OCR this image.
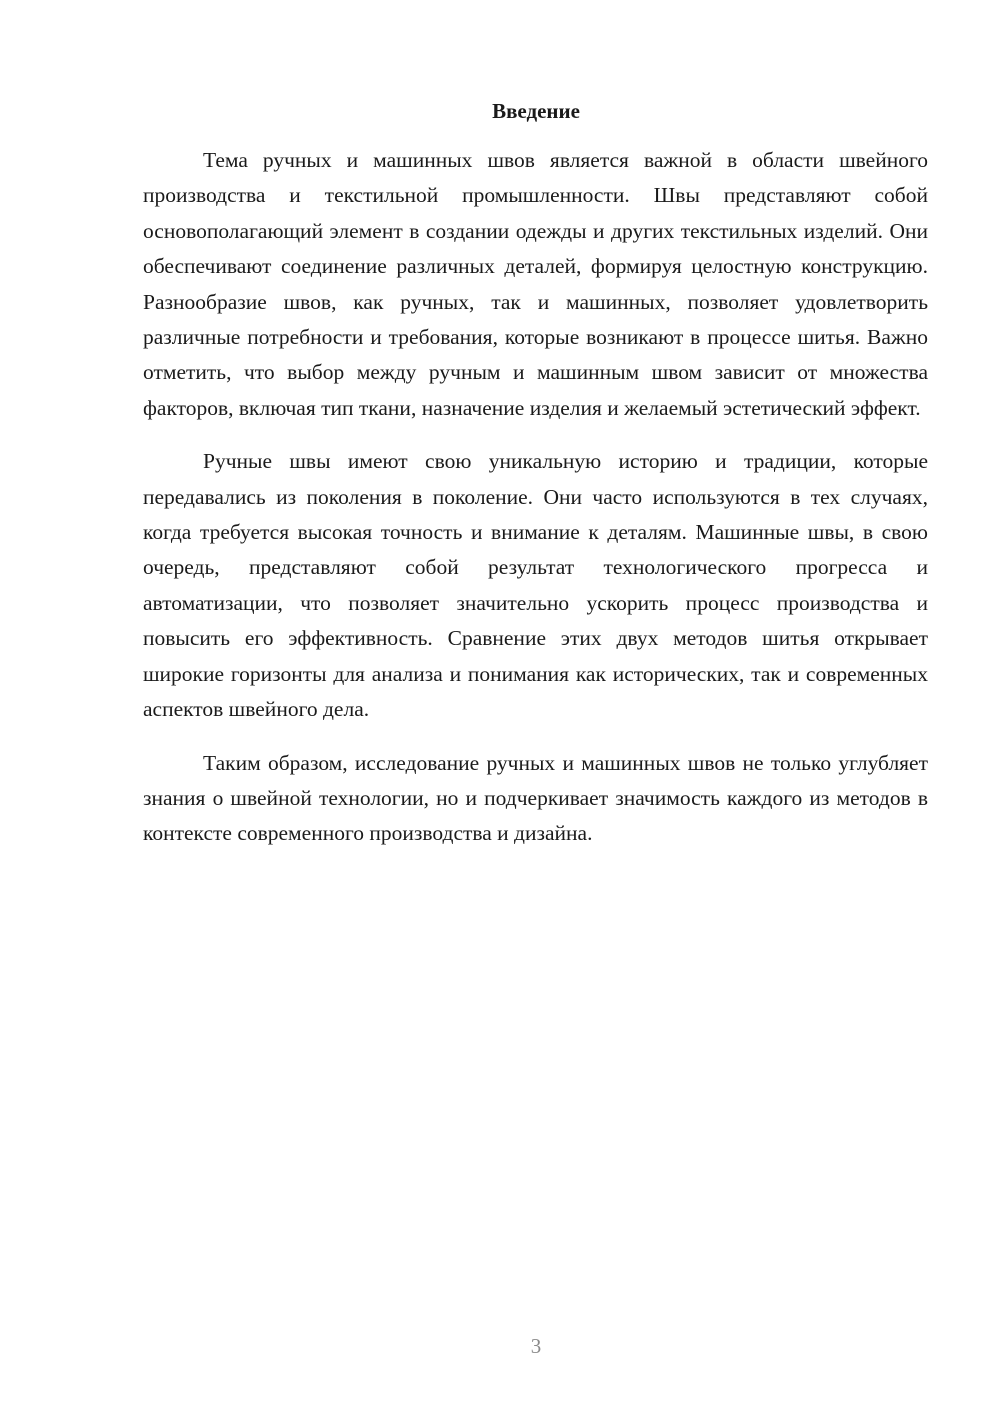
Введение

Тема ручных и машинных швов является важной в области швейного производства и текстильной промышленности. Швы представляют собой основополагающий элемент в создании одежды и других текстильных изделий. Они обеспечивают соединение различных деталей, формируя целостную конструкцию. Разнообразие швов, как ручных, так и машинных, позволяет удовлетворить различные потребности и требования, которые возникают в процессе шитья. Важно отметить, что выбор между ручным и машинным швом зависит от множества факторов, включая тип ткани, назначение изделия и желаемый эстетический эффект.

Ручные швы имеют свою уникальную историю и традиции, которые передавались из поколения в поколение. Они часто используются в тех случаях, когда требуется высокая точность и внимание к деталям. Машинные швы, в свою очередь, представляют собой результат технологического прогресса и автоматизации, что позволяет значительно ускорить процесс производства и повысить его эффективность. Сравнение этих двух методов шитья открывает широкие горизонты для анализа и понимания как исторических, так и современных аспектов швейного дела.

Таким образом, исследование ручных и машинных швов не только углубляет знания о швейной технологии, но и подчеркивает значимость каждого из методов в контексте современного производства и дизайна.

3
